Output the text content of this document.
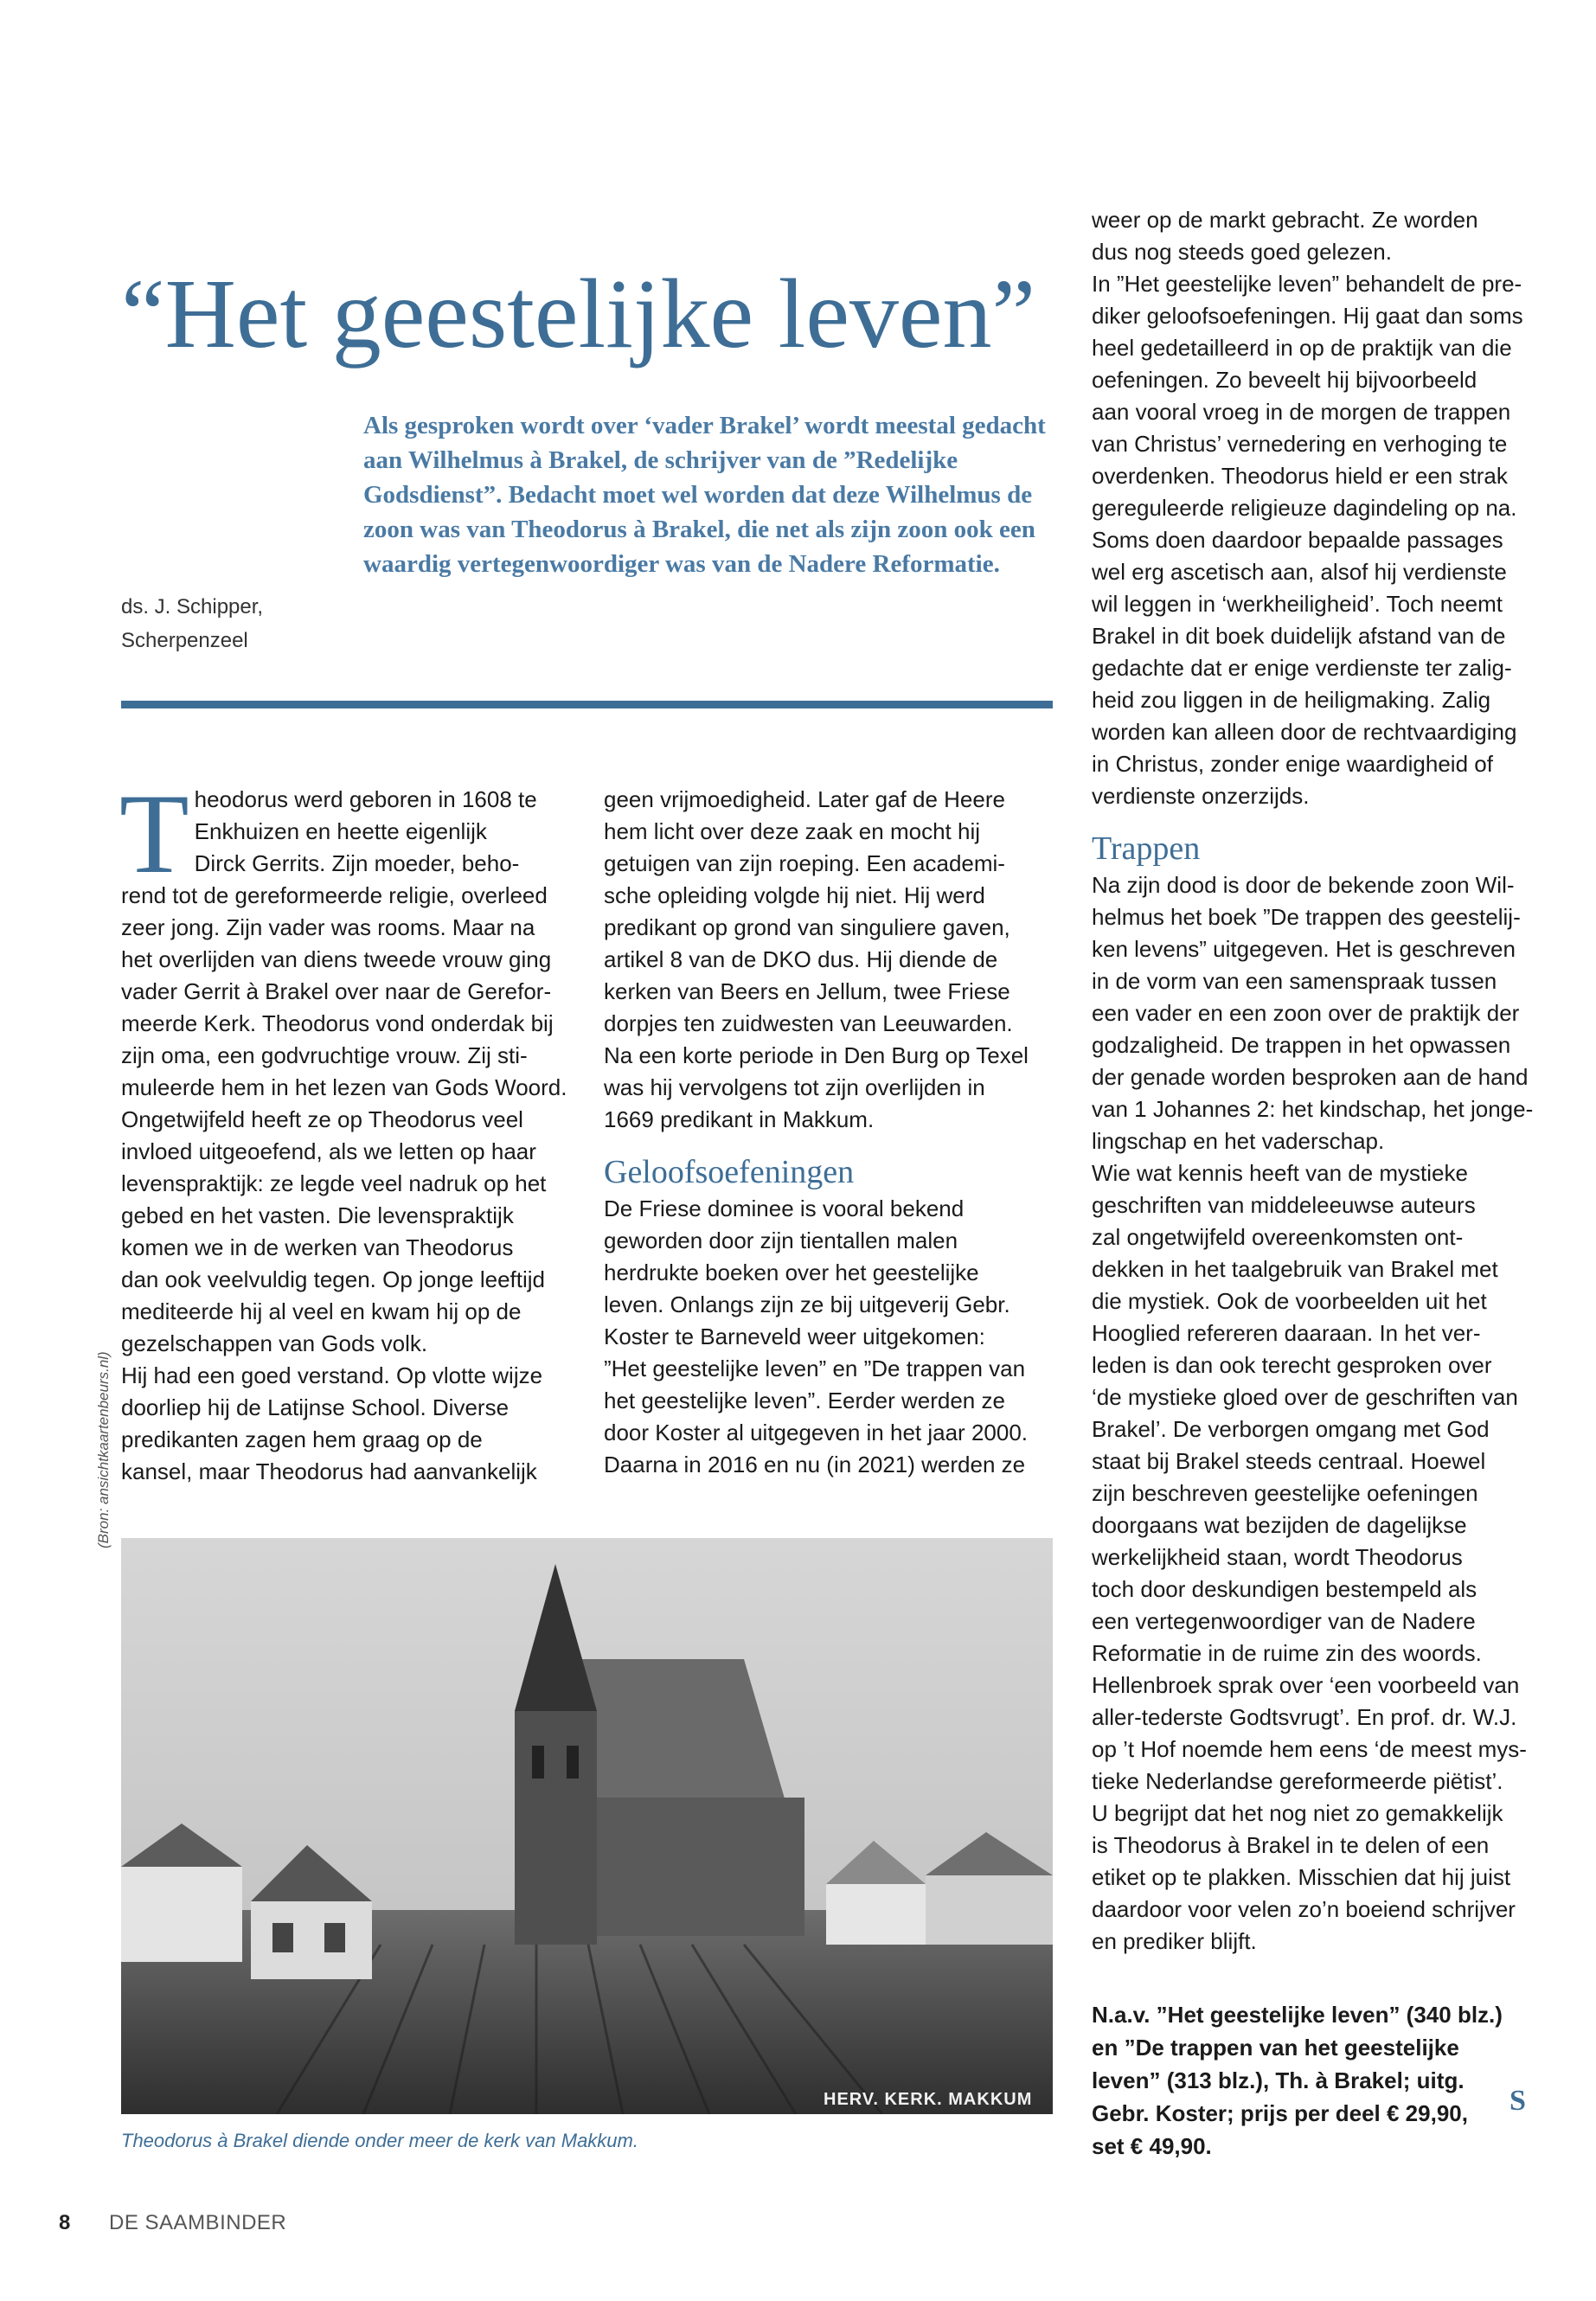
“Het geestelijke leven”

Als gesproken wordt over ‘vader Brakel’ wordt meestal gedacht aan Wilhelmus à Brakel, de schrijver van de ”Redelijke Godsdienst”. Bedacht moet wel worden dat deze Wilhelmus de zoon was van Theodorus à Brakel, die net als zijn zoon ook een waardig vertegenwoordiger was van de Nadere Reformatie.

ds. J. Schipper,
Scherpenzeel
T heodorus werd geboren in 1608 te

Enkhuizen en heette eigenlijk

Dirck Gerrits. Zijn moeder, beho-

rend tot de gereformeerde religie, overleed

zeer jong. Zijn vader was rooms. Maar na

het overlijden van diens tweede vrouw ging

vader Gerrit à Brakel over naar de Gerefor-

meerde Kerk. Theodorus vond onderdak bij

zijn oma, een godvruchtige vrouw. Zij sti-

muleerde hem in het lezen van Gods Woord.

Ongetwijfeld heeft ze op Theodorus veel

invloed uitgeoefend, als we letten op haar

levenspraktijk: ze legde veel nadruk op het

gebed en het vasten. Die levenspraktijk

komen we in de werken van Theodorus

dan ook veelvuldig tegen. Op jonge leeftijd

mediteerde hij al veel en kwam hij op de

gezelschappen van Gods volk.

Hij had een goed verstand. Op vlotte wijze

doorliep hij de Latijnse School. Diverse

predikanten zagen hem graag op de

kansel, maar Theodorus had aanvankelijk

geen vrijmoedigheid. Later gaf de Heere

hem licht over deze zaak en mocht hij

getuigen van zijn roeping. Een academi-

sche opleiding volgde hij niet. Hij werd

predikant op grond van singuliere gaven,

artikel 8 van de DKO dus. Hij diende de

kerken van Beers en Jellum, twee Friese

dorpjes ten zuidwesten van Leeuwarden.

Na een korte periode in Den Burg op Texel

was hij vervolgens tot zijn overlijden in

1669 predikant in Makkum.

Geloofsoefeningen

De Friese dominee is vooral bekend

geworden door zijn tientallen malen

herdrukte boeken over het geestelijke

leven. Onlangs zijn ze bij uitgeverij Gebr.

Koster te Barneveld weer uitgekomen:

”Het geestelijke leven” en ”De trappen van

het geestelijke leven”. Eerder werden ze

door Koster al uitgegeven in het jaar 2000.

Daarna in 2016 en nu (in 2021) werden ze

weer op de markt gebracht. Ze worden

dus nog steeds goed gelezen.

In ”Het geestelijke leven” behandelt de pre-

diker geloofsoefeningen. Hij gaat dan soms

heel gedetailleerd in op de praktijk van die

oefeningen. Zo beveelt hij bijvoorbeeld

aan vooral vroeg in de morgen de trappen

van Christus’ vernedering en verhoging te

overdenken. Theodorus hield er een strak

gereguleerde religieuze dagindeling op na.

Soms doen daardoor bepaalde passages

wel erg ascetisch aan, alsof hij verdienste

wil leggen in ‘werkheiligheid’. Toch neemt

Brakel in dit boek duidelijk afstand van de

gedachte dat er enige verdienste ter zalig-

heid zou liggen in de heiligmaking. Zalig

worden kan alleen door de rechtvaardiging

in Christus, zonder enige waardigheid of

verdienste onzerzijds.

Trappen

Na zijn dood is door de bekende zoon Wil-

helmus het boek ”De trappen des geestelij-

ken levens” uitgegeven. Het is geschreven

in de vorm van een samenspraak tussen

een vader en een zoon over de praktijk der

godzaligheid. De trappen in het opwassen

der genade worden besproken aan de hand

van 1 Johannes 2: het kindschap, het jonge-

lingschap en het vaderschap.

Wie wat kennis heeft van de mystieke

geschriften van middeleeuwse auteurs

zal ongetwijfeld overeenkomsten ont-

dekken in het taalgebruik van Brakel met

die mystiek. Ook de voorbeelden uit het

Hooglied refereren daaraan. In het ver-

leden is dan ook terecht gesproken over

‘de mystieke gloed over de geschriften van

Brakel’. De verborgen omgang met God

staat bij Brakel steeds centraal. Hoewel

zijn beschreven geestelijke oefeningen

doorgaans wat bezijden de dagelijkse

werkelijkheid staan, wordt Theodorus

toch door deskundigen bestempeld als

een vertegenwoordiger van de Nadere

Reformatie in de ruime zin des woords.

Hellenbroek sprak over ‘een voorbeeld van

aller-tederste Godtsvrugt’. En prof. dr. W.J.

op ’t Hof noemde hem eens ‘de meest mys-

tieke Nederlandse gereformeerde piëtist’.

U begrijpt dat het nog niet zo gemakkelijk

is Theodorus à Brakel in te delen of een

etiket op te plakken. Misschien dat hij juist

daardoor voor velen zo’n boeiend schrijver

en prediker blijft.

(Bron: ansichtkaartenbeurs.nl)
HERV. KERK. MAKKUM
Theodorus à Brakel diende onder meer de kerk van Makkum.
N.a.v. ”Het geestelijke leven” (340 blz.)
en ”De trappen van het geestelijke
leven” (313 blz.), Th. à Brakel; uitg.
Gebr. Koster; prijs per deel € 29,90,
set € 49,90.
S
8 DE SAAMBINDER
